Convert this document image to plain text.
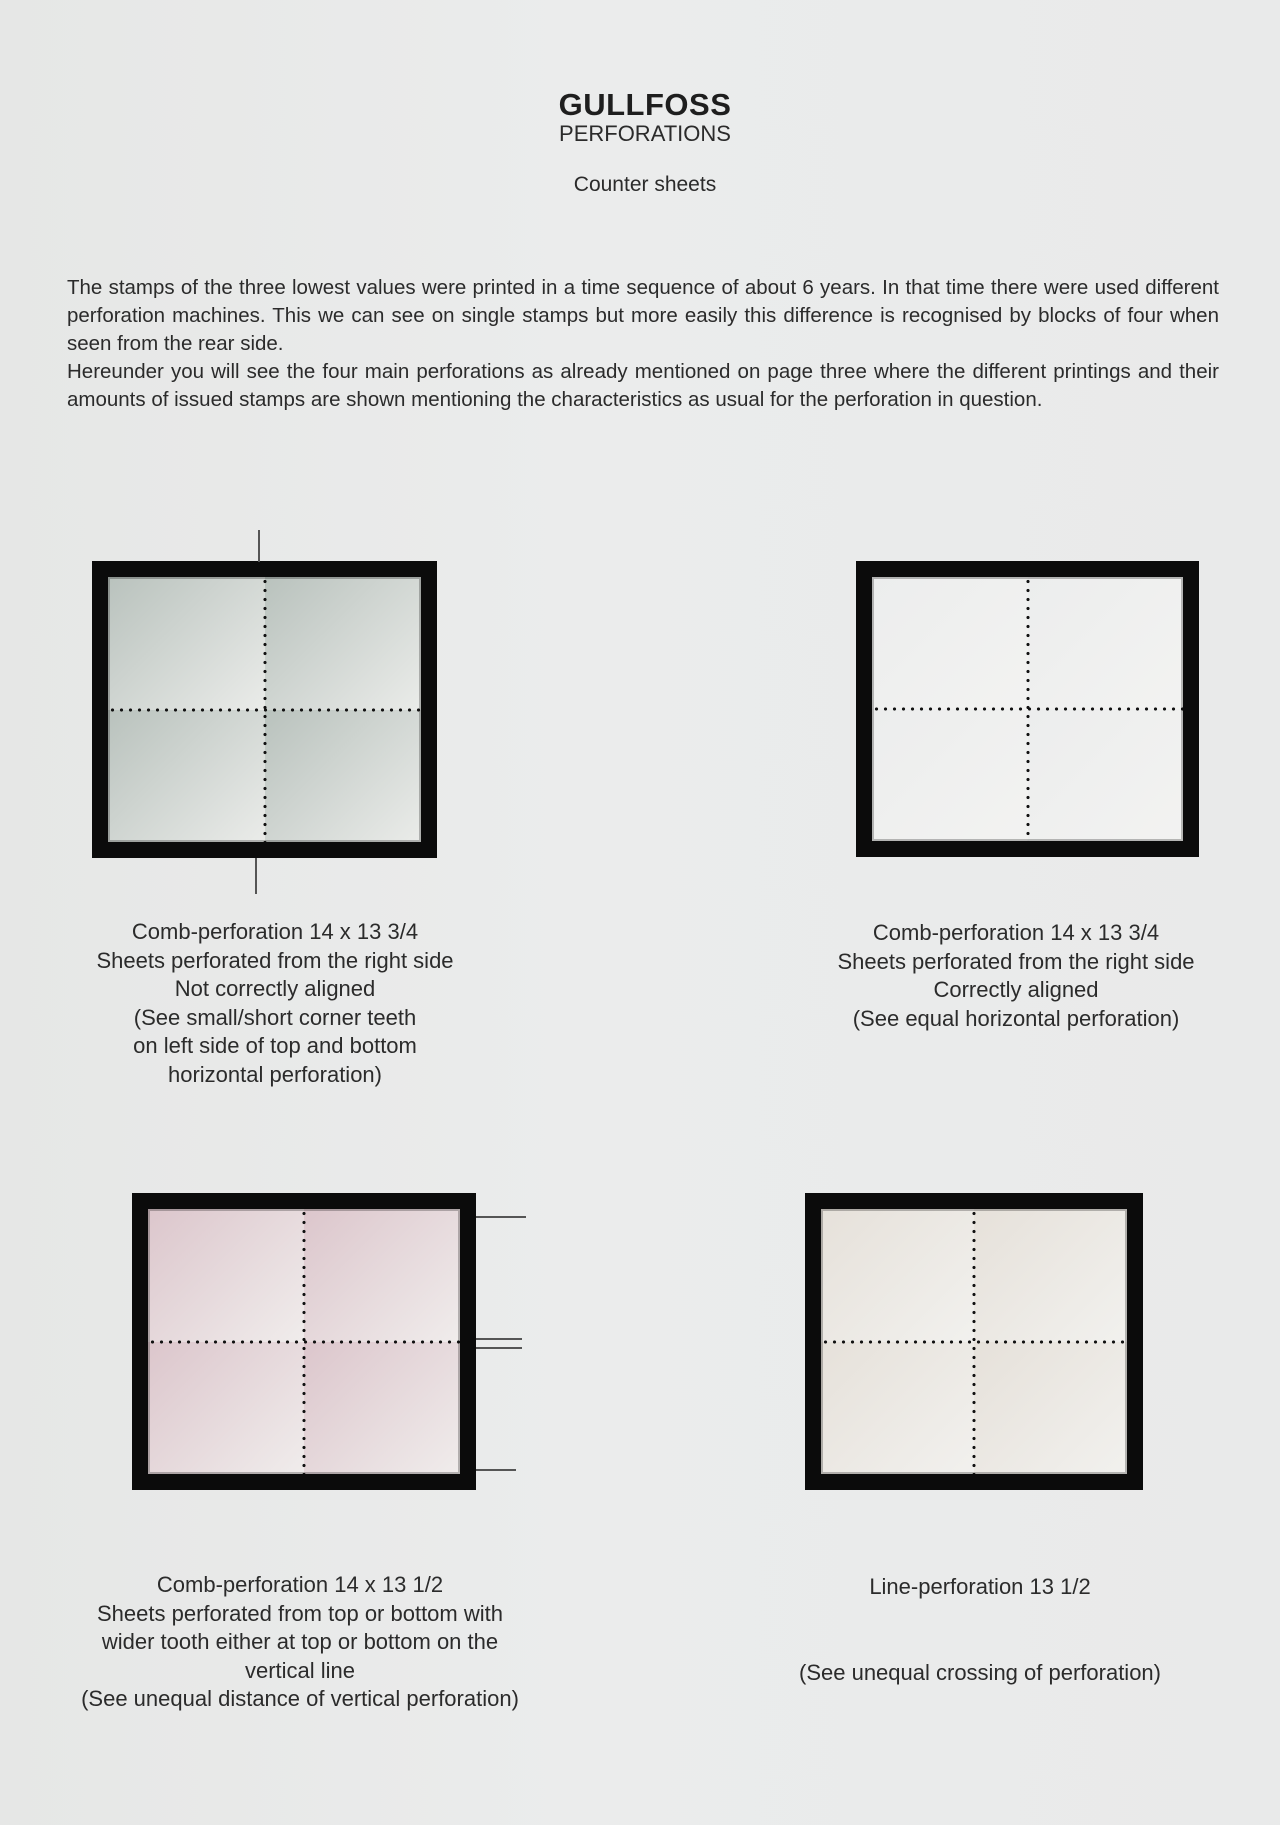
GULLFOSS
PERFORATIONS
Counter sheets

The stamps of the three lowest values were printed in a time sequence of about 6 years. In that time there were used different perforation machines. This we can see on single stamps but more easily this difference is recognised by blocks of four when seen from the rear side.

Hereunder you will see the four main perforations as already mentioned on page three where the different printings and their amounts of issued stamps are shown mentioning the characteristics as usual for the perforation in question.

Comb-perforation 14 x 13 3/4
Sheets perforated from the right side
Not correctly aligned
(See small/short corner teeth
on left side of top and bottom
horizontal perforation)
Comb-perforation 14 x 13 3/4
Sheets perforated from the right side
Correctly aligned
(See equal horizontal perforation)
Comb-perforation 14 x 13 1/2
Sheets perforated from top or bottom with
wider tooth either at top or bottom on the
vertical line
(See unequal distance of vertical perforation)
Line-perforation 13 1/2
(See unequal crossing of perforation)
